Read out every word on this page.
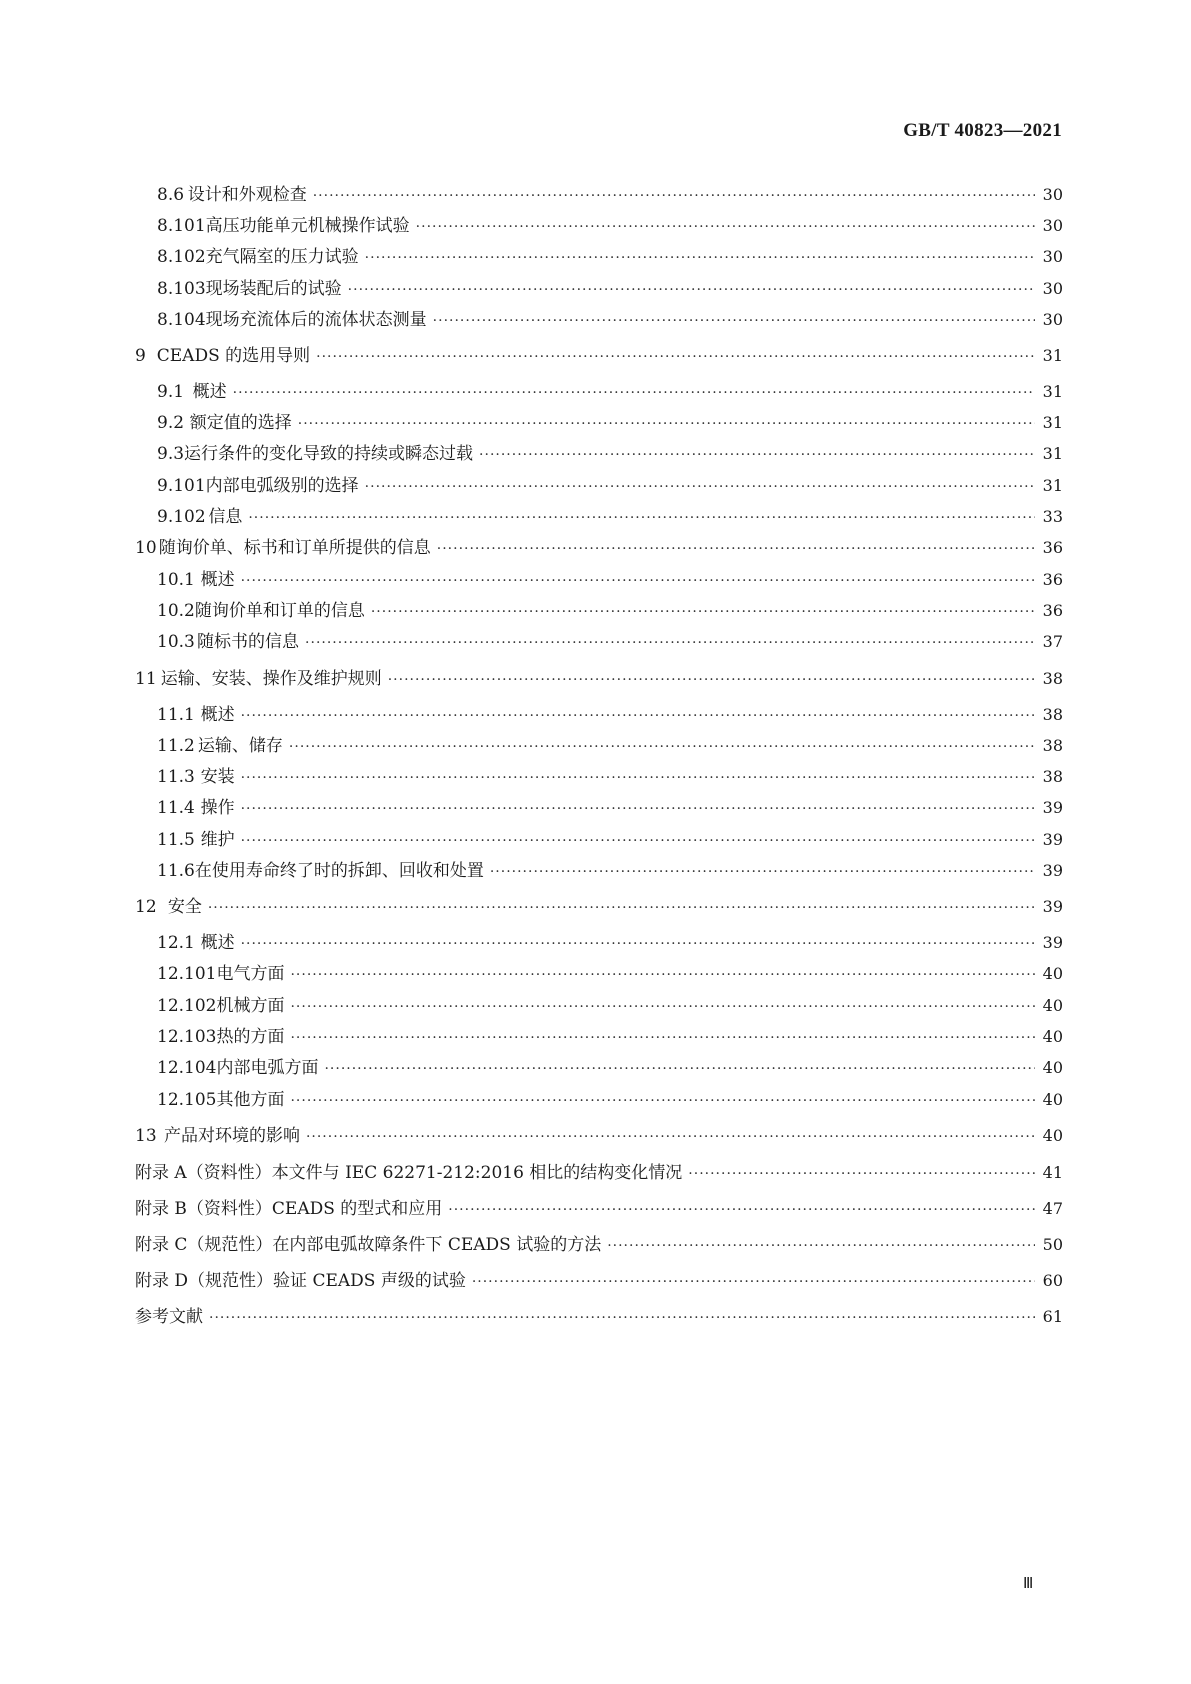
GB/T 40823—2021
8.6 设计和外观检查 ·····	30
8.101 高压功能单元机械操作试验 ·····	30
8.102 充气隔室的压力试验 ·····	30
8.103 现场装配后的试验 ·····	30
8.104 现场充流体后的流体状态测量 ·····	30
9 CEADS 的选用导则 ·····	31
9.1 概述 ·····	31
9.2 额定值的选择 ·····	31
9.3 运行条件的变化导致的持续或瞬态过载 ·····	31
9.101 内部电弧级别的选择 ·····	31
9.102 信息 ·····	33
10 随询价单、标书和订单所提供的信息 ·····	36
10.1 概述 ·····	36
10.2 随询价单和订单的信息 ·····	36
10.3 随标书的信息 ·····	37
11 运输、安装、操作及维护规则 ·····	38
11.1 概述 ·····	38
11.2 运输、储存 ·····	38
11.3 安装 ·····	38
11.4 操作 ·····	39
11.5 维护 ·····	39
11.6 在使用寿命终了时的拆卸、回收和处置 ·····	39
12 安全 ·····	39
12.1 概述 ·····	39
12.101 电气方面 ·····	40
12.102 机械方面 ·····	40
12.103 热的方面 ·····	40
12.104 内部电弧方面 ·····	40
12.105 其他方面 ·····	40
13 产品对环境的影响 ·····	40
附录 A（资料性） 本文件与 IEC 62271-212:2016 相比的结构变化情况 ·····	41
附录 B（资料性） CEADS 的型式和应用 ·····	47
附录 C（规范性） 在内部电弧故障条件下 CEADS 试验的方法 ·····	50
附录 D（规范性） 验证 CEADS 声级的试验 ·····	60
参考文献 ·····	61
Ⅲ
